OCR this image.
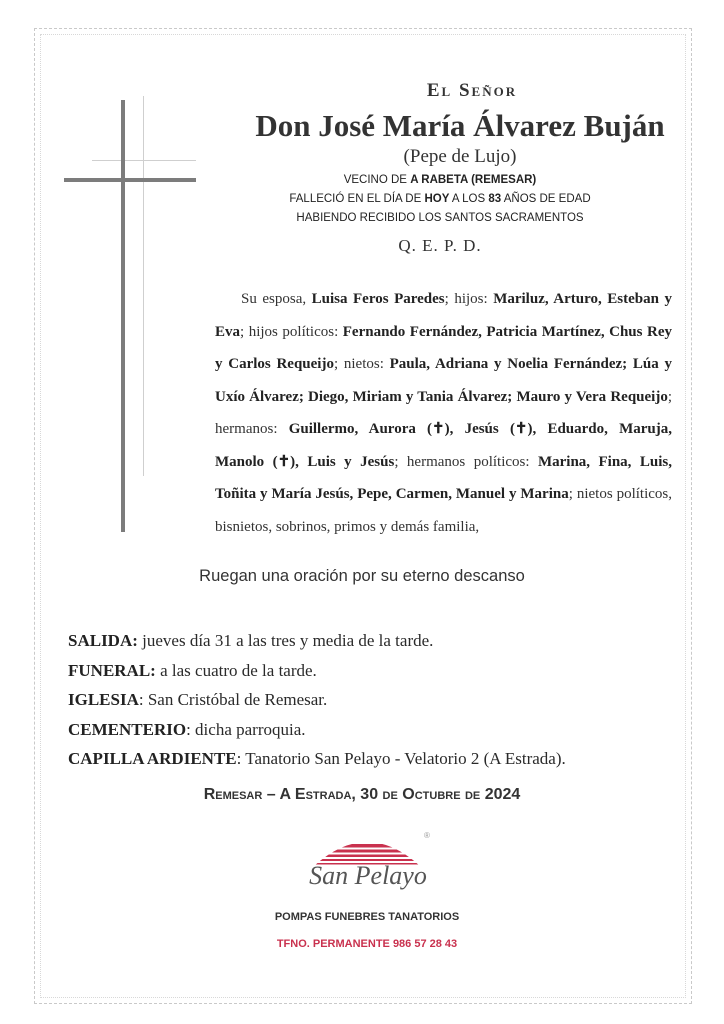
El Señor
Don José María Álvarez Buján
(Pepe de Lujo)
VECINO DE A RABETA (REMESAR)
FALLECIÓ EN EL DÍA DE HOY A LOS 83 AÑOS DE EDAD
HABIENDO RECIBIDO LOS SANTOS SACRAMENTOS
Q. E. P. D.
Su esposa, Luisa Feros Paredes; hijos: Mariluz, Arturo, Esteban y Eva; hijos políticos: Fernando Fernández, Patricia Martínez, Chus Rey y Carlos Requeijo; nietos: Paula, Adriana y Noelia Fernández; Lúa y Uxío Álvarez; Diego, Miriam y Tania Álvarez; Mauro y Vera Requeijo; hermanos: Guillermo, Aurora (✝), Jesús (✝), Eduardo, Maruja, Manolo (✝), Luis y Jesús; hermanos políticos: Marina, Fina, Luis, Toñita y María Jesús, Pepe, Carmen, Manuel y Marina; nietos políticos, bisnietos, sobrinos, primos y demás familia,
Ruegan una oración por su eterno descanso
SALIDA: jueves día 31 a las tres y media de la tarde.
FUNERAL: a las cuatro de la tarde.
IGLESIA: San Cristóbal de Remesar.
CEMENTERIO: dicha parroquia.
CAPILLA ARDIENTE: Tanatorio San Pelayo - Velatorio 2 (A Estrada).
Remesar – A Estrada, 30 de Octubre de 2024
®
San Pelayo
POMPAS FUNEBRES TANATORIOS
TFNO. PERMANENTE 986 57 28 43
